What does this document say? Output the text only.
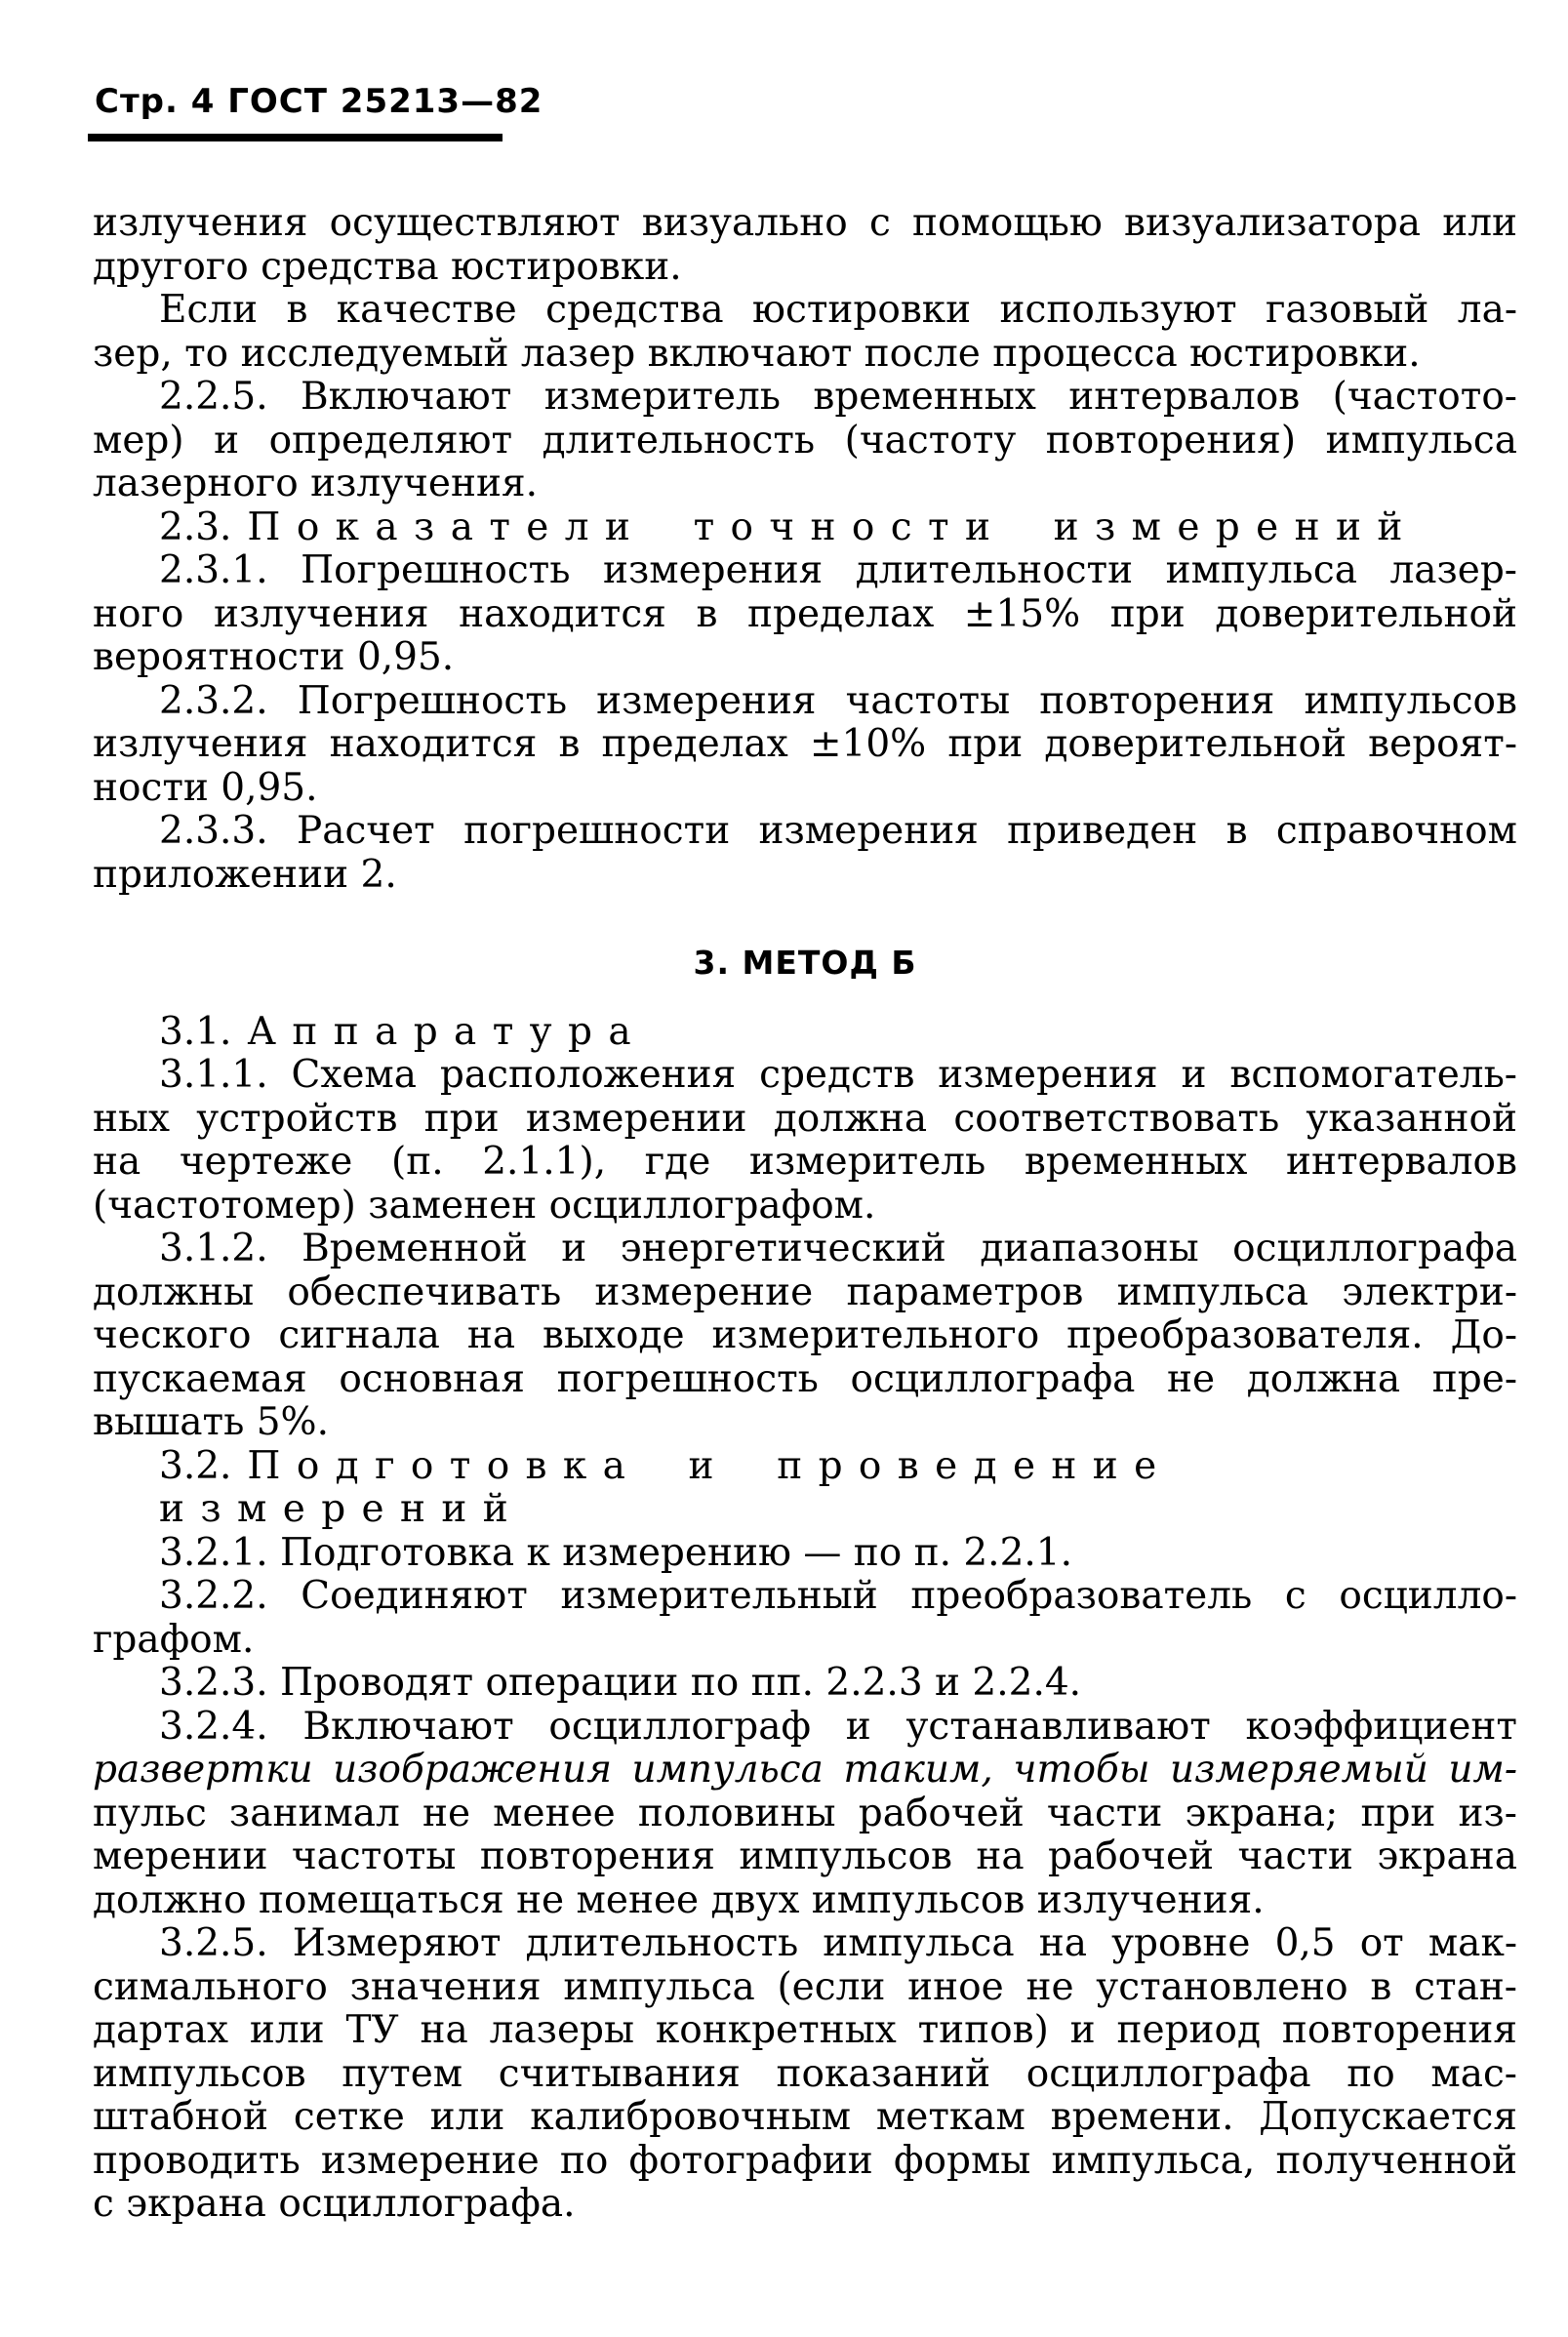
Стр. 4 ГОСТ 25213—82
излучения осуществляют визуально с помощью визуализатора или
другого средства юстировки.
Если в качестве средства юстировки используют газовый ла-
зер, то исследуемый лазер включают после процесса юстировки.
2.2.5. Включают измеритель временных интервалов (частото-
мер) и определяют длительность (частоту повторения) импульса
лазерного излучения.
2.3. Показатели точности измерений
2.3.1. Погрешность измерения длительности импульса лазер-
ного излучения находится в пределах ±15% при доверительной
вероятности 0,95.
2.3.2. Погрешность измерения частоты повторения импульсов
излучения находится в пределах ±10% при доверительной вероят-
ности 0,95.
2.3.3. Расчет погрешности измерения приведен в справочном
приложении 2.
3. МЕТОД Б
3.1. Аппаратура
3.1.1. Схема расположения средств измерения и вспомогатель-
ных устройств при измерении должна соответствовать указанной
на чертеже (п. 2.1.1), где измеритель временных интервалов
(частотомер) заменен осциллографом.
3.1.2. Временной и энергетический диапазоны осциллографа
должны обеспечивать измерение параметров импульса электри-
ческого сигнала на выходе измерительного преобразователя. До-
пускаемая основная погрешность осциллографа не должна пре-
вышать 5%.
3.2. Подготовка и проведение измерений
3.2.1. Подготовка к измерению — по п. 2.2.1.
3.2.2. Соединяют измерительный преобразователь с осцилло-
графом.
3.2.3. Проводят операции по пп. 2.2.3 и 2.2.4.
3.2.4. Включают осциллограф и устанавливают коэффициент
развертки изображения импульса таким, чтобы измеряемый им-
пульс занимал не менее половины рабочей части экрана; при из-
мерении частоты повторения импульсов на рабочей части экрана
должно помещаться не менее двух импульсов излучения.
3.2.5. Измеряют длительность импульса на уровне 0,5 от мак-
симального значения импульса (если иное не установлено в стан-
дартах или ТУ на лазеры конкретных типов) и период повторения
импульсов путем считывания показаний осциллографа по мас-
штабной сетке или калибровочным меткам времени. Допускается
проводить измерение по фотографии формы импульса, полученной
с экрана осциллографа.
